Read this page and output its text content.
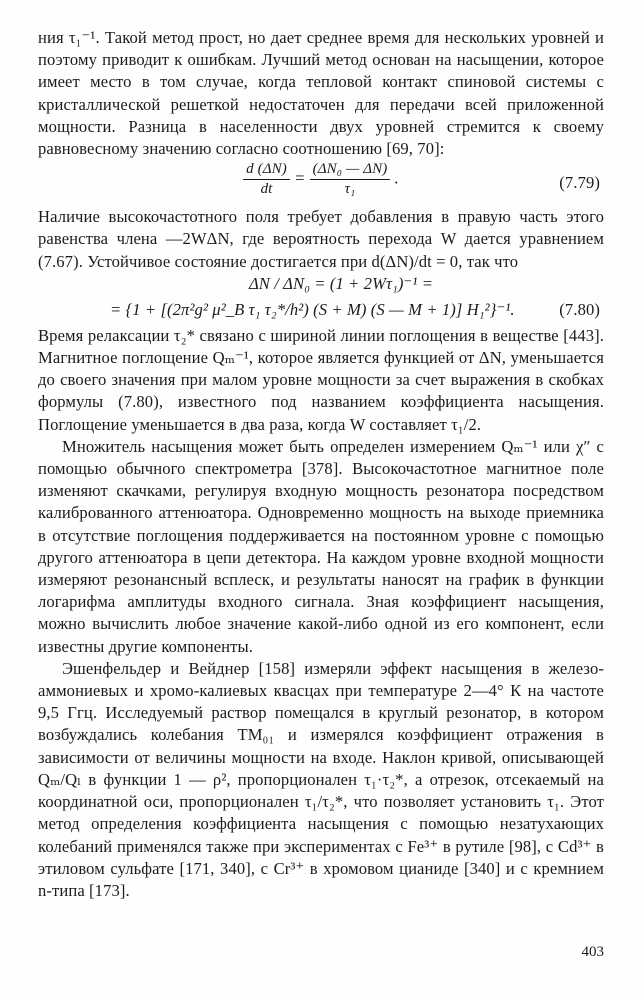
ния τ₁⁻¹. Такой метод прост, но дает среднее время для нескольких уровней и поэтому приводит к ошибкам. Лучший метод основан на насыщении, которое имеет место в том случае, когда тепловой контакт спиновой системы с кристаллической решеткой недостаточен для передачи всей приложенной мощности. Разница в населенности двух уровней стремится к своему равновесному значению согласно соотношению [69, 70]:

$\frac{d (\Delta N)}{dt} = \frac{\text{(ΔN₀ — ΔN)}}{\text{τ₁}}$ .	(7.79)

Наличие высокочастотного поля требует добавления в правую часть этого равенства члена —2WΔN, где вероятность перехода W дается уравнением (7.67). Устойчивое состояние достигается при d(ΔN)/dt = 0, так что

ΔN / ΔN₀ = (1 + 2Wτ₁)⁻¹ =
= {1 + [(2π²g² μ²_B τ₁ τ₂*/h²) (S + M) (S — M + 1)] H₁²}⁻¹.	(7.80)

Время релаксации τ₂* связано с шириной линии поглощения в веществе [443]. Магнитное поглощение Qₘ⁻¹, которое является функцией от ΔN, уменьшается до своего значения при малом уровне мощности за счет выражения в скобках формулы (7.80), известного под названием коэффициента насыщения. Поглощение уменьшается в два раза, когда W составляет τ₁/2.

Множитель насыщения может быть определен измерением Qₘ⁻¹ или χ″ с помощью обычного спектрометра [378]. Высокочастотное магнитное поле изменяют скачками, регулируя входную мощность резонатора посредством калиброванного аттенюатора. Одновременно мощность на выходе приемника в отсутствие поглощения поддерживается на постоянном уровне с помощью другого аттенюатора в цепи детектора. На каждом уровне входной мощности измеряют резонансный всплеск, и результаты наносят на график в функции логарифма амплитуды входного сигнала. Зная коэффициент насыщения, можно вычислить любое значение какой-либо одной из его компонент, если известны другие компоненты.

Эшенфельдер и Вейднер [158] измеряли эффект насыщения в железо-аммониевых и хромо-калиевых квасцах при температуре 2—4° К на частоте 9,5 Ггц. Исследуемый раствор помещался в круглый резонатор, в котором возбуждались колебания TM₀₁ и измерялся коэффициент отражения в зависимости от величины мощности на входе. Наклон кривой, описывающей Qₘ/Qₗ в функции 1 — ρ², пропорционален τ₁·τ₂*, а отрезок, отсекаемый на координатной оси, пропорционален τ₁/τ₂*, что позволяет установить τ₁. Этот метод определения коэффициента насыщения с помощью незатухающих колебаний применялся также при экспериментах с Fe³⁺ в рутиле [98], с Cd³⁺ в этиловом сульфате [171, 340], с Cr³⁺ в хромовом цианиде [340] и с кремнием n-типа [173].

403
